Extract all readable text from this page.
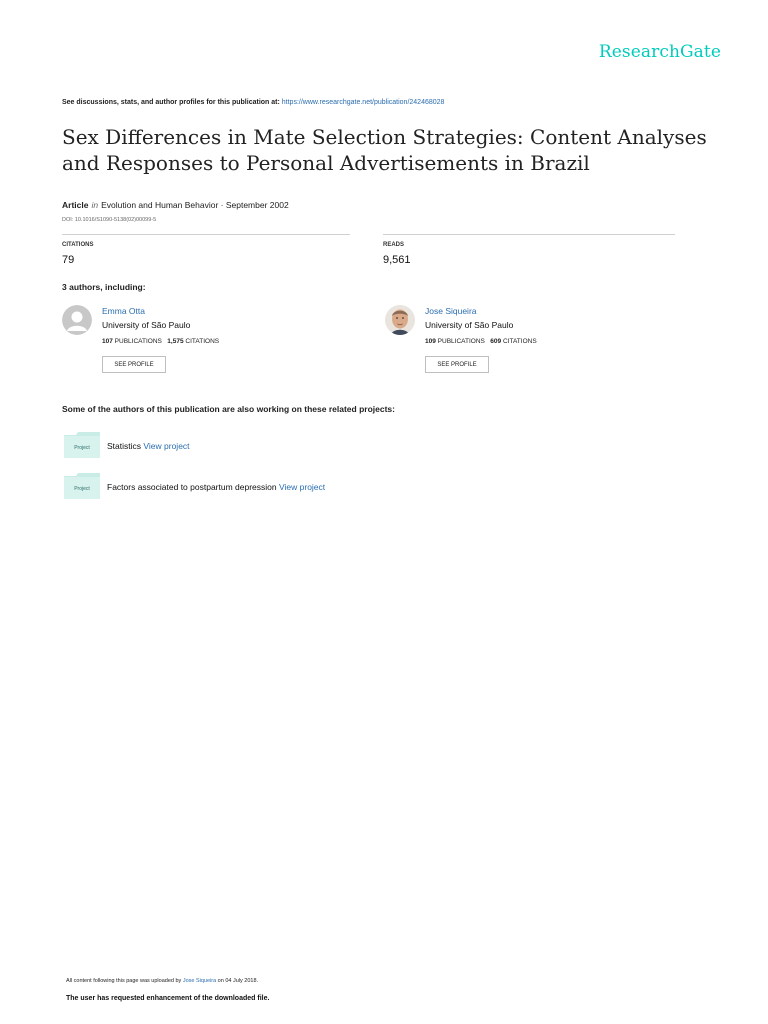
ResearchGate
See discussions, stats, and author profiles for this publication at: https://www.researchgate.net/publication/242468028
Sex Differences in Mate Selection Strategies: Content Analyses and Responses to Personal Advertisements in Brazil
Article in Evolution and Human Behavior · September 2002
DOI: 10.1016/S1090-5138(02)00099-5
CITATIONS
79
READS
9,561
3 authors, including:
Emma Otta
University of São Paulo
107 PUBLICATIONS 1,575 CITATIONS
SEE PROFILE
Jose Siqueira
University of São Paulo
109 PUBLICATIONS 609 CITATIONS
SEE PROFILE
Some of the authors of this publication are also working on these related projects:
Project Statistics View project
Project Factors associated to postpartum depression View project
All content following this page was uploaded by Jose Siqueira on 04 July 2018.
The user has requested enhancement of the downloaded file.
